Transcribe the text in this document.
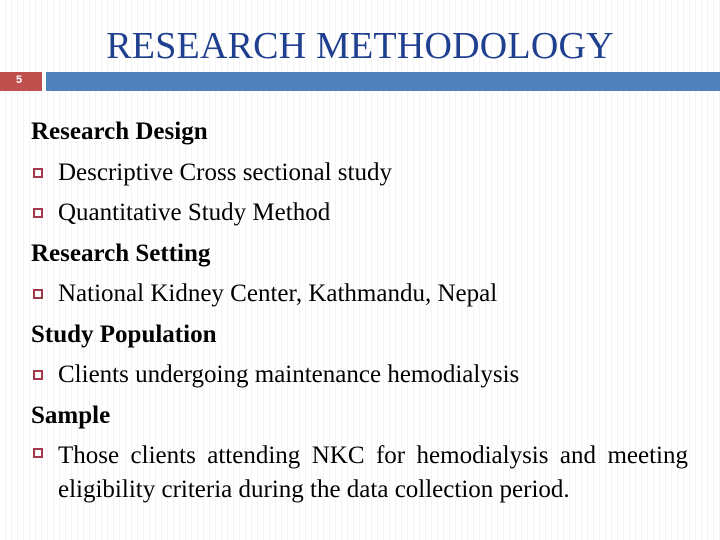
RESEARCH METHODOLOGY
5
Research Design
Descriptive Cross sectional study
Quantitative Study Method
Research Setting
National Kidney Center, Kathmandu, Nepal
Study Population
Clients undergoing maintenance hemodialysis
Sample
Those clients attending NKC for hemodialysis and meeting eligibility criteria during the data collection period.
